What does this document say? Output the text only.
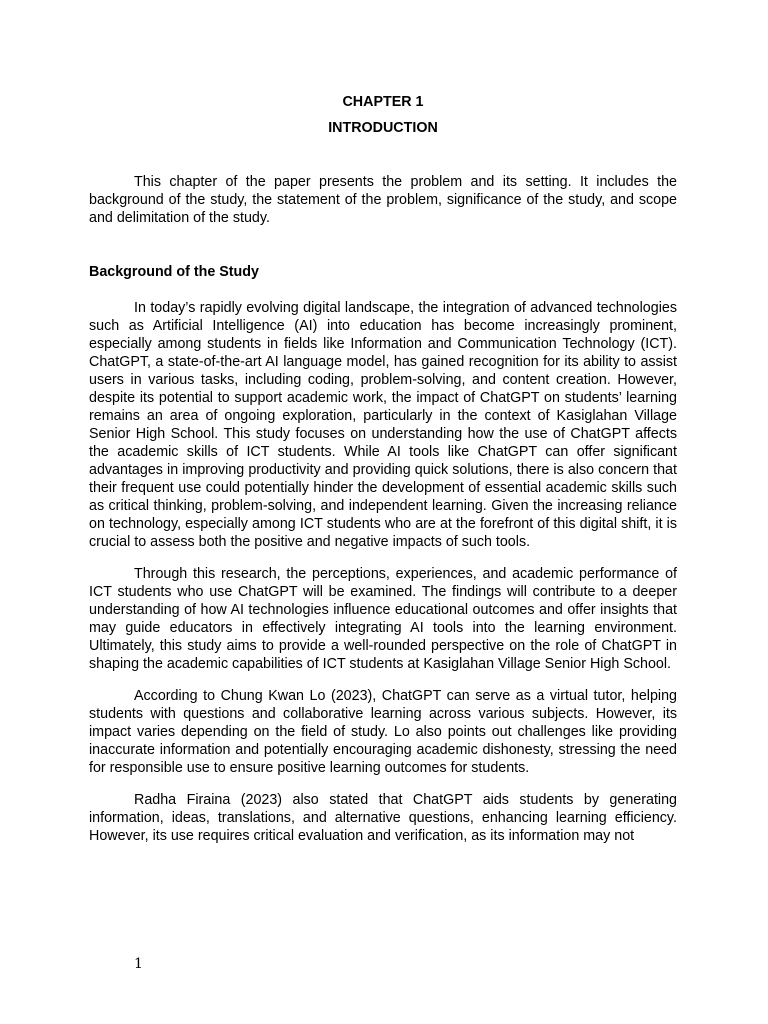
CHAPTER 1

INTRODUCTION

This chapter of the paper presents the problem and its setting. It includes the background of the study, the statement of the problem, significance of the study, and scope and delimitation of the study.

Background of the Study

In today’s rapidly evolving digital landscape, the integration of advanced technologies such as Artificial Intelligence (AI) into education has become increasingly prominent, especially among students in fields like Information and Communication Technology (ICT). ChatGPT, a state-of-the-art AI language model, has gained recognition for its ability to assist users in various tasks, including coding, problem-solving, and content creation. However, despite its potential to support academic work, the impact of ChatGPT on students’ learning remains an area of ongoing exploration, particularly in the context of Kasiglahan Village Senior High School. This study focuses on understanding how the use of ChatGPT affects the academic skills of ICT students. While AI tools like ChatGPT can offer significant advantages in improving productivity and providing quick solutions, there is also concern that their frequent use could potentially hinder the development of essential academic skills such as critical thinking, problem-solving, and independent learning. Given the increasing reliance on technology, especially among ICT students who are at the forefront of this digital shift, it is crucial to assess both the positive and negative impacts of such tools.

Through this research, the perceptions, experiences, and academic performance of ICT students who use ChatGPT will be examined. The findings will contribute to a deeper understanding of how AI technologies influence educational outcomes and offer insights that may guide educators in effectively integrating AI tools into the learning environment. Ultimately, this study aims to provide a well-rounded perspective on the role of ChatGPT in shaping the academic capabilities of ICT students at Kasiglahan Village Senior High School.

According to Chung Kwan Lo (2023), ChatGPT can serve as a virtual tutor, helping students with questions and collaborative learning across various subjects. However, its impact varies depending on the field of study. Lo also points out challenges like providing inaccurate information and potentially encouraging academic dishonesty, stressing the need for responsible use to ensure positive learning outcomes for students.

Radha Firaina (2023) also stated that ChatGPT aids students by generating information, ideas, translations, and alternative questions, enhancing learning efficiency. However, its use requires critical evaluation and verification, as its information may not

1
